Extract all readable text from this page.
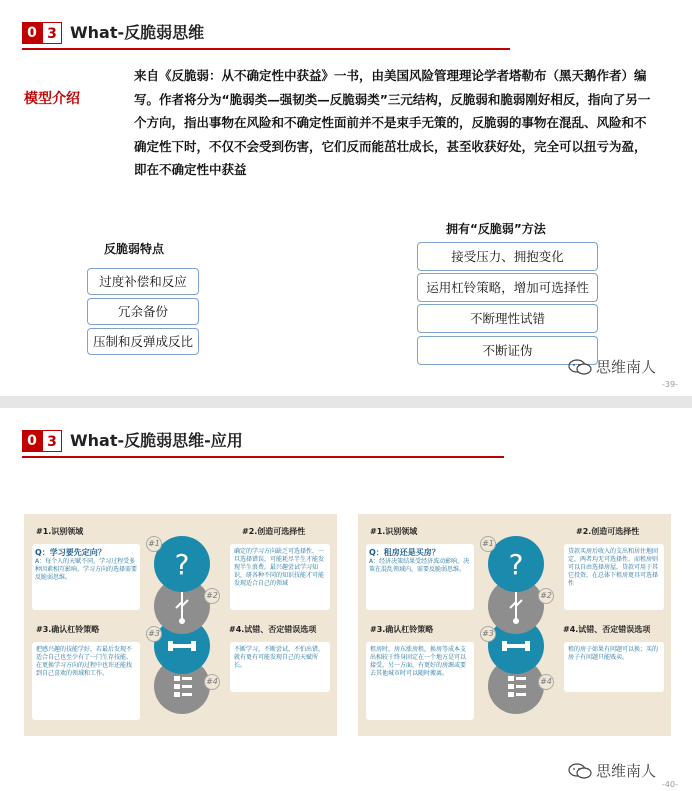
0 3 What-反脆弱思维
模型介绍
来自《反脆弱：从不确定性中获益》一书，由美国风险管理理论学者塔勒布（黑天鹅作者）编写。作者将分为“脆弱类—强韧类—反脆弱类”三元结构，反脆弱和脆弱刚好相反，指向了另一个方向，指出事物在风险和不确定性面前并不是束手无策的，反脆弱的事物在混乱、风险和不确定性下时，不仅不会受到伤害，它们反而能茁壮成长，甚至收获好处，完全可以扭亏为盈，即在不确定性中获益
反脆弱特点
过度补偿和反应
冗余备份
压制和反弹成反比
拥有“反脆弱”方法
接受压力、拥抱变化
运用杠铃策略，增加可选择性
不断理性试错
不断证伪
思维南人
-39-
0 3 What-反脆弱思维-应用
#1.识别领域	#2.创造可选择性
#3.确认杠铃策略	#4.试错、否定错误选项
Q：学习要先定向？
A：每个人的天赋不同，学习过程受多种因素相互影响，学习方向的选择需要反脆弱思维。
确定的学习方向缺乏可选择性，一旦选择错误，可能耗尽半生才能发现半生浪费。最兴趣尝试学习知识，研各种不同的知识技能才可能发现适合自己的领域
把感兴趣的技能学好，若最后发现不适合自己也至少有了一门生存技能。在更换学习方向的过程中也许还能找到自己喜欢的领域和工作。
不断学习，不断尝试，不怕出错，就有更有可能发现自己的天赋所长。
?
#1
#2
#3
#4
#1.识别领域	#2.创造可选择性
#3.确认杠铃策略	#4.试错、否定错误选项
Q：租房还是买房？
A：经济决策结果受经济波动影响，决策在混乱领域内，需要反脆弱思维。
贷款买房后收入的支出和居住地固定，两者均无可选择性。而租房则可以自由选择房屋，贷款可用于其它投资，在总体下租房更具可选择性
租房时，房东涨房租，换房等成本支出相较于终身固定在一个地方是可以接受。另一方面，有更好的房源或要去其他城市时可以随时搬离。
租的房子如果有问题可以换；买的房子有问题只能贱卖。
?
#1
#2
#3
#4
思维南人
-40-
